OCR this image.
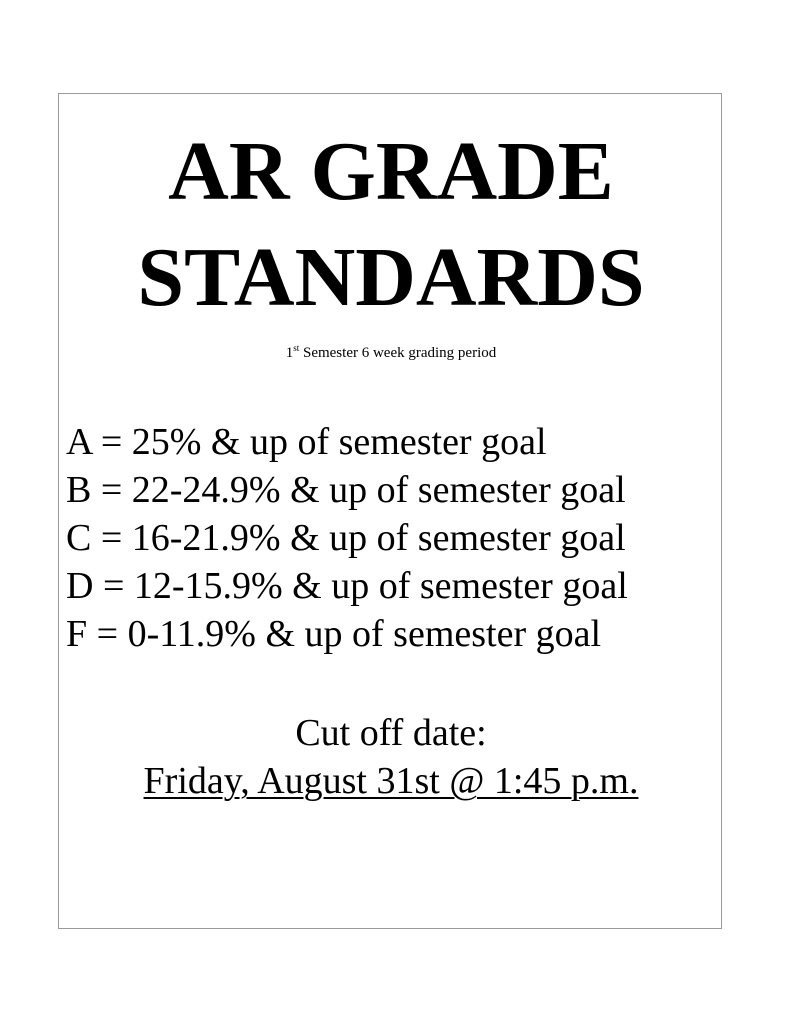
AR GRADE
STANDARDS
1st Semester 6 week grading period
A = 25% & up of semester goal
B = 22-24.9% & up of semester goal
C = 16-21.9% & up of semester goal
D = 12-15.9% & up of semester goal
F = 0-11.9% & up of semester goal
Cut off date:
Friday, August 31st @ 1:45 p.m.
